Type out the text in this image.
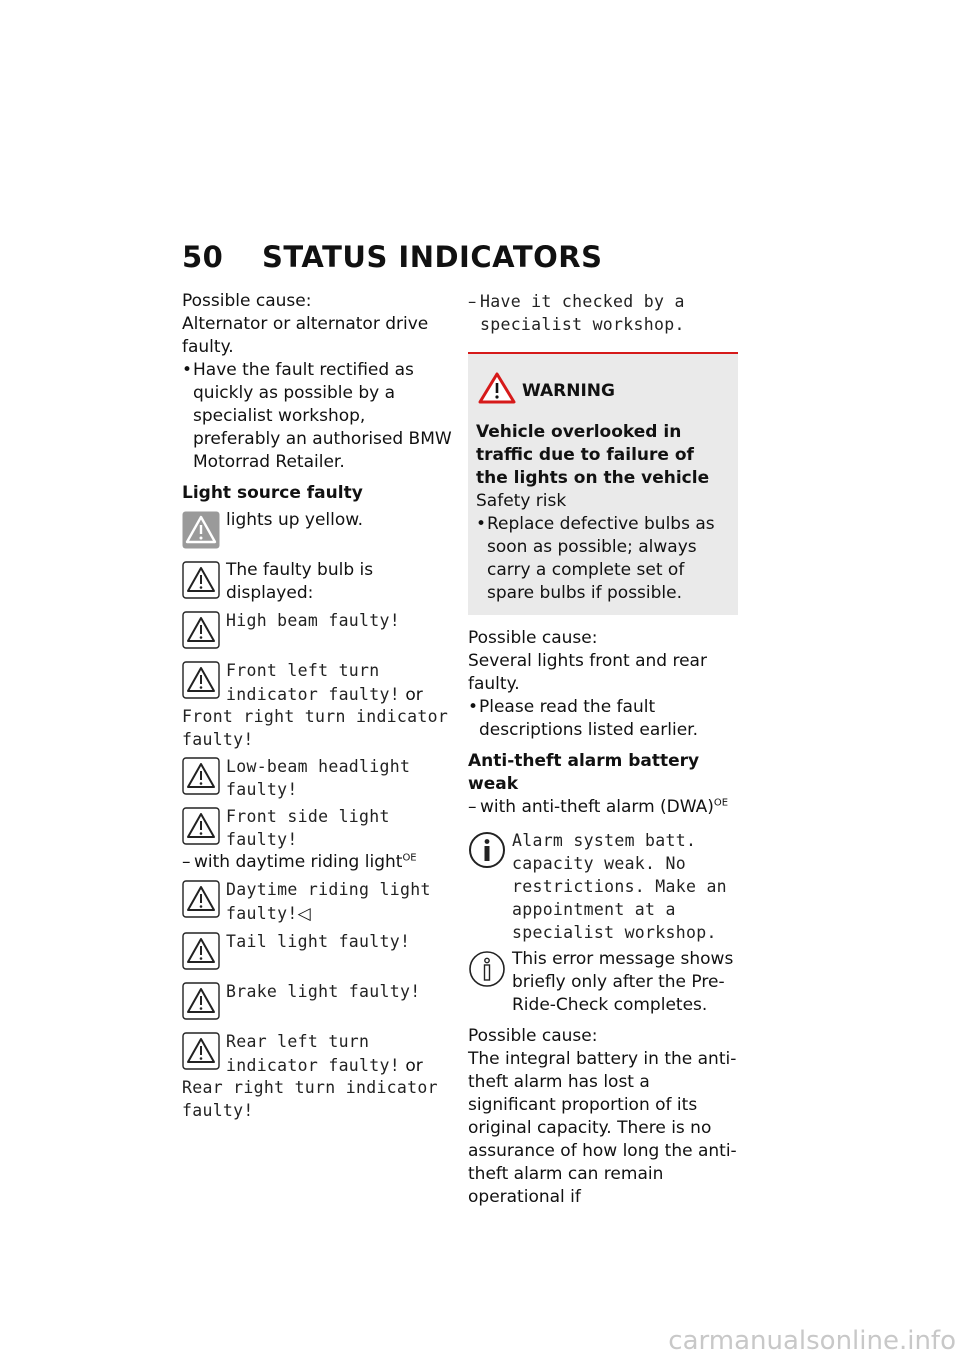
50 STATUS INDICATORS

Possible cause:

Alternator or alternator drive faulty.

• Have the fault rectified as quickly as possible by a specialist workshop, preferably an authorised BMW Motorrad Retailer.

Light source faulty

lights up yellow.

The faulty bulb is displayed:

High beam faulty!

Front left turn indicator faulty! or

Front right turn indicator faulty!

Low-beam headlight faulty!

Front side light faulty!

– with daytime riding light$^{OE}$

Daytime riding light faulty!◁

Tail light faulty!

Brake light faulty!

Rear left turn indicator faulty! or

Rear right turn indicator faulty!

– Have it checked by a specialist workshop.

WARNING

Vehicle overlooked in traffic due to failure of the lights on the vehicle

Safety risk

• Replace defective bulbs as soon as possible; always carry a complete set of spare bulbs if possible.

Possible cause:

Several lights front and rear faulty.

• Please read the fault descriptions listed earlier.

Anti-theft alarm battery weak

– with anti-theft alarm (DWA)$^{OE}$

Alarm system batt. capacity weak. No restrictions. Make an appointment at a specialist workshop.

This error message shows briefly only after the Pre-Ride-Check completes.

Possible cause:

The integral battery in the anti-theft alarm has lost a significant proportion of its original capacity. There is no assurance of how long the anti-theft alarm can remain operational if

carmanualsonline.info
